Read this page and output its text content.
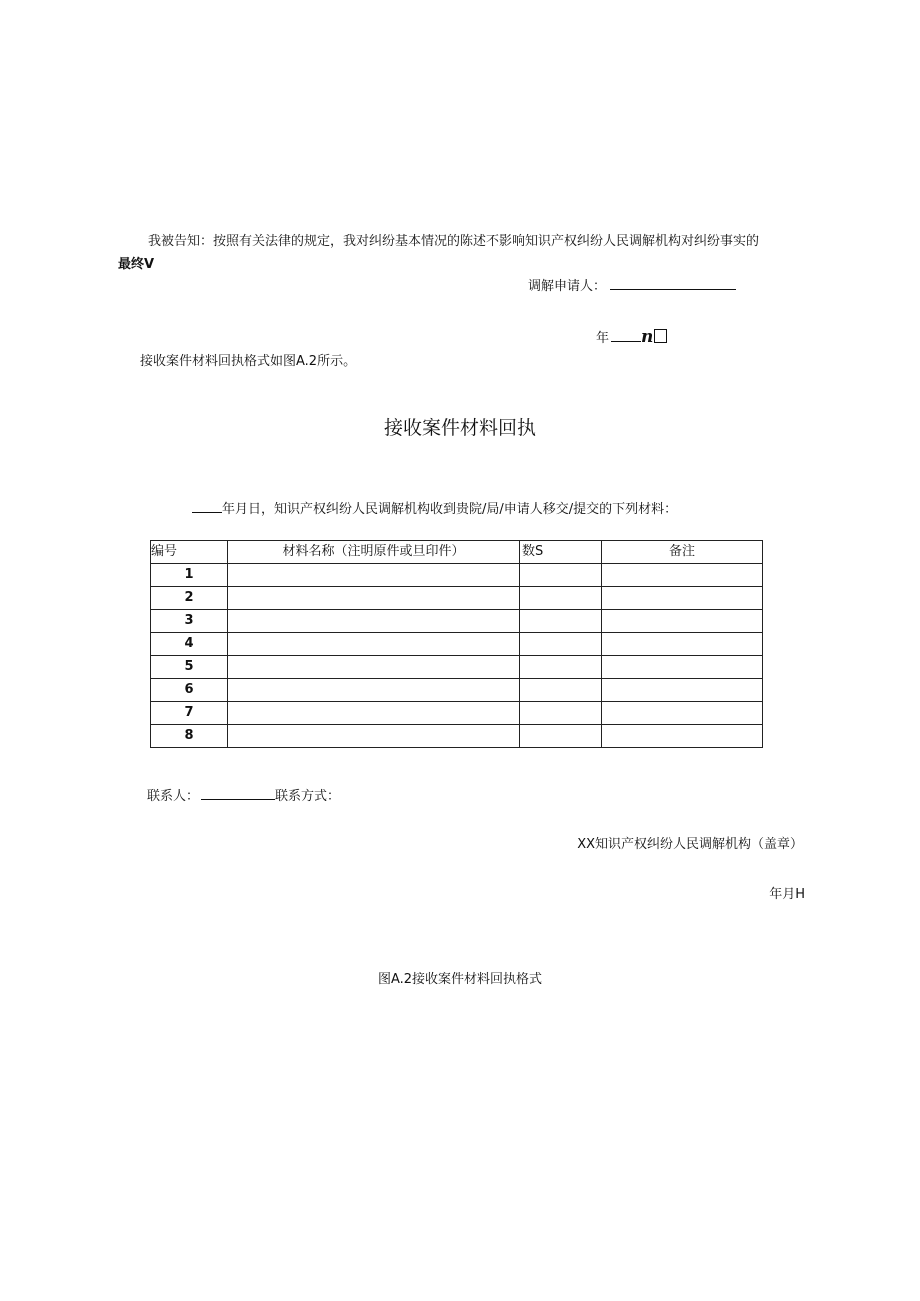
我被告知：按照有关法律的规定，我对纠纷基本情况的陈述不影响知识产权纠纷人民调解机构对纠纷事实的
最终V
调解申请人：
年 n
接收案件材料回执格式如图A.2所示。
接收案件材料回执
年月日，知识产权纠纷人民调解机构收到贵院/局/申请人移交/提交的下列材料：
编号	材料名称（注明原件或旦印件）	数S	备注
1			
2			
3			
4			
5			
6			
7			
8			
联系人：	联系方式：
XX知识产权纠纷人民调解机构（盖章）
年月H
图A.2接收案件材料回执格式
